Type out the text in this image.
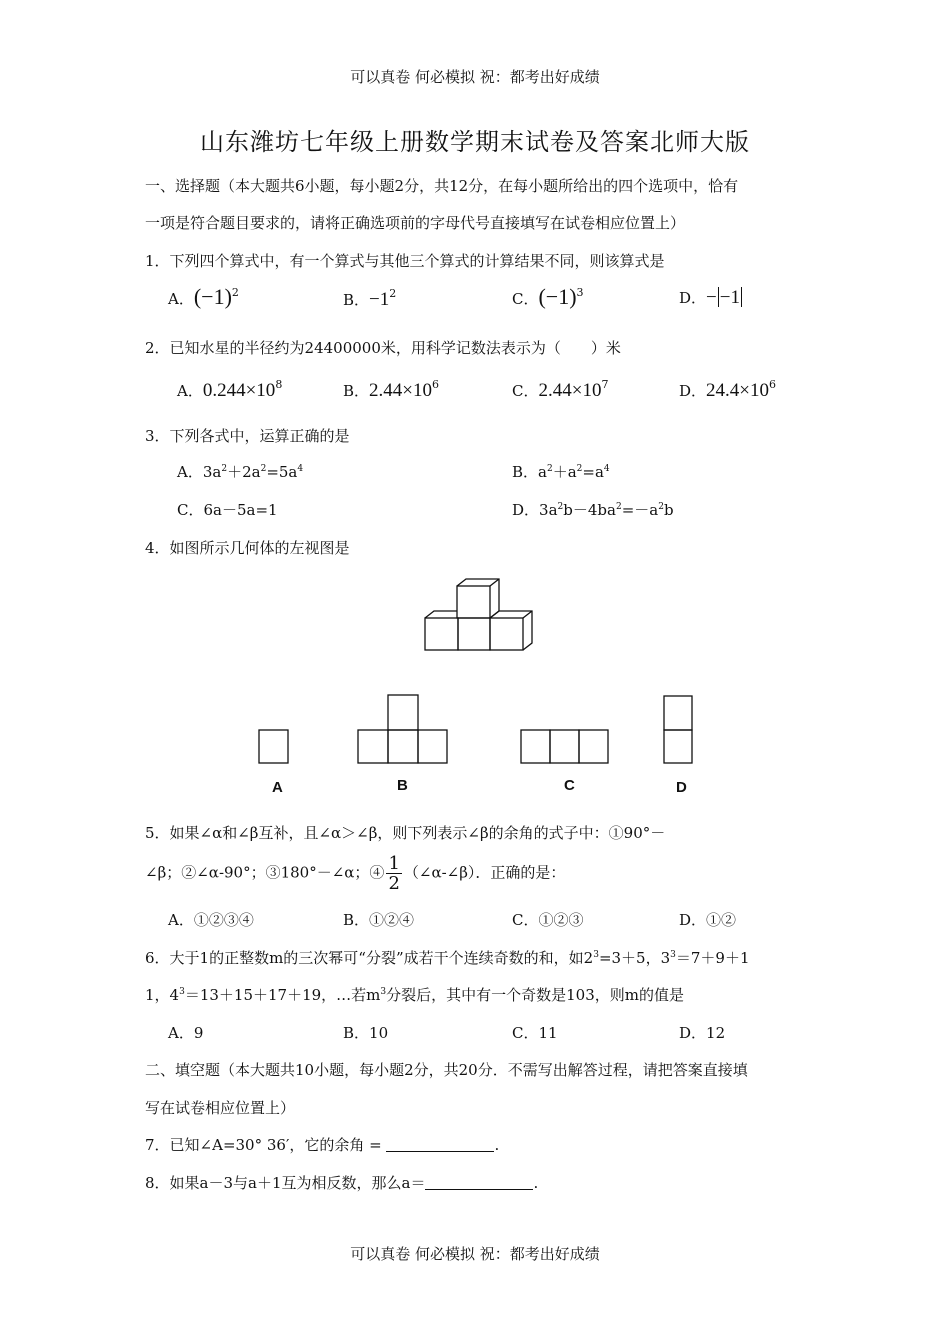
可以真卷 何必模拟 祝：都考出好成绩
山东潍坊七年级上册数学期末试卷及答案北师大版
一、选择题（本大题共6小题，每小题2分，共12分，在每小题所给出的四个选项中，恰有
一项是符合题目要求的，请将正确选项前的字母代号直接填写在试卷相应位置上）
1．下列四个算式中，有一个算式与其他三个算式的计算结果不同，则该算式是
A．$(-1)^2$	B．$-1^2$	C．$(-1)^3$	D．− −1
2．已知水星的半径约为24400000米，用科学记数法表示为（　　）米
A．$0.244\times 10^8$	B．$2.44\times 10^6$	C．$2.44\times 10^7$	D．$24.4\times 10^6$
3．下列各式中，运算正确的是
A．$3a^2+2a^2=5a^4$	B．$a^2+a^2=a^4$
C．6a－5a=1	D．$3a^2b-4ba^2=-a^2b$
4．如图所示几何体的左视图是
A	B	C	D
5．如果∠α和∠β互补，且∠α＞∠β，则下列表示∠β的余角的式子中：①90°－
∠β；②∠α-90°；③180°－∠α；④ $\frac{1}{2}$ （∠α-∠β）．正确的是：
A．①②③④	B．①②④	C．①②③	D．①②
6．大于1的正整数m的三次幂可“分裂”成若干个连续奇数的和，如$2^3=3+5$，$3^3=7+9+1$
1，$4^3=13+15+17+19$，…若$m^3$分裂后，其中有一个奇数是103，则m的值是
A．9	B．10	C．11	D．12
二、填空题（本大题共10小题，每小题2分，共20分．不需写出解答过程，请把答案直接填
写在试卷相应位置上）
7．已知∠A=30° 36′，它的余角 =	.
8．如果a－3与a＋1互为相反数，那么a＝	.
可以真卷 何必模拟 祝：都考出好成绩
